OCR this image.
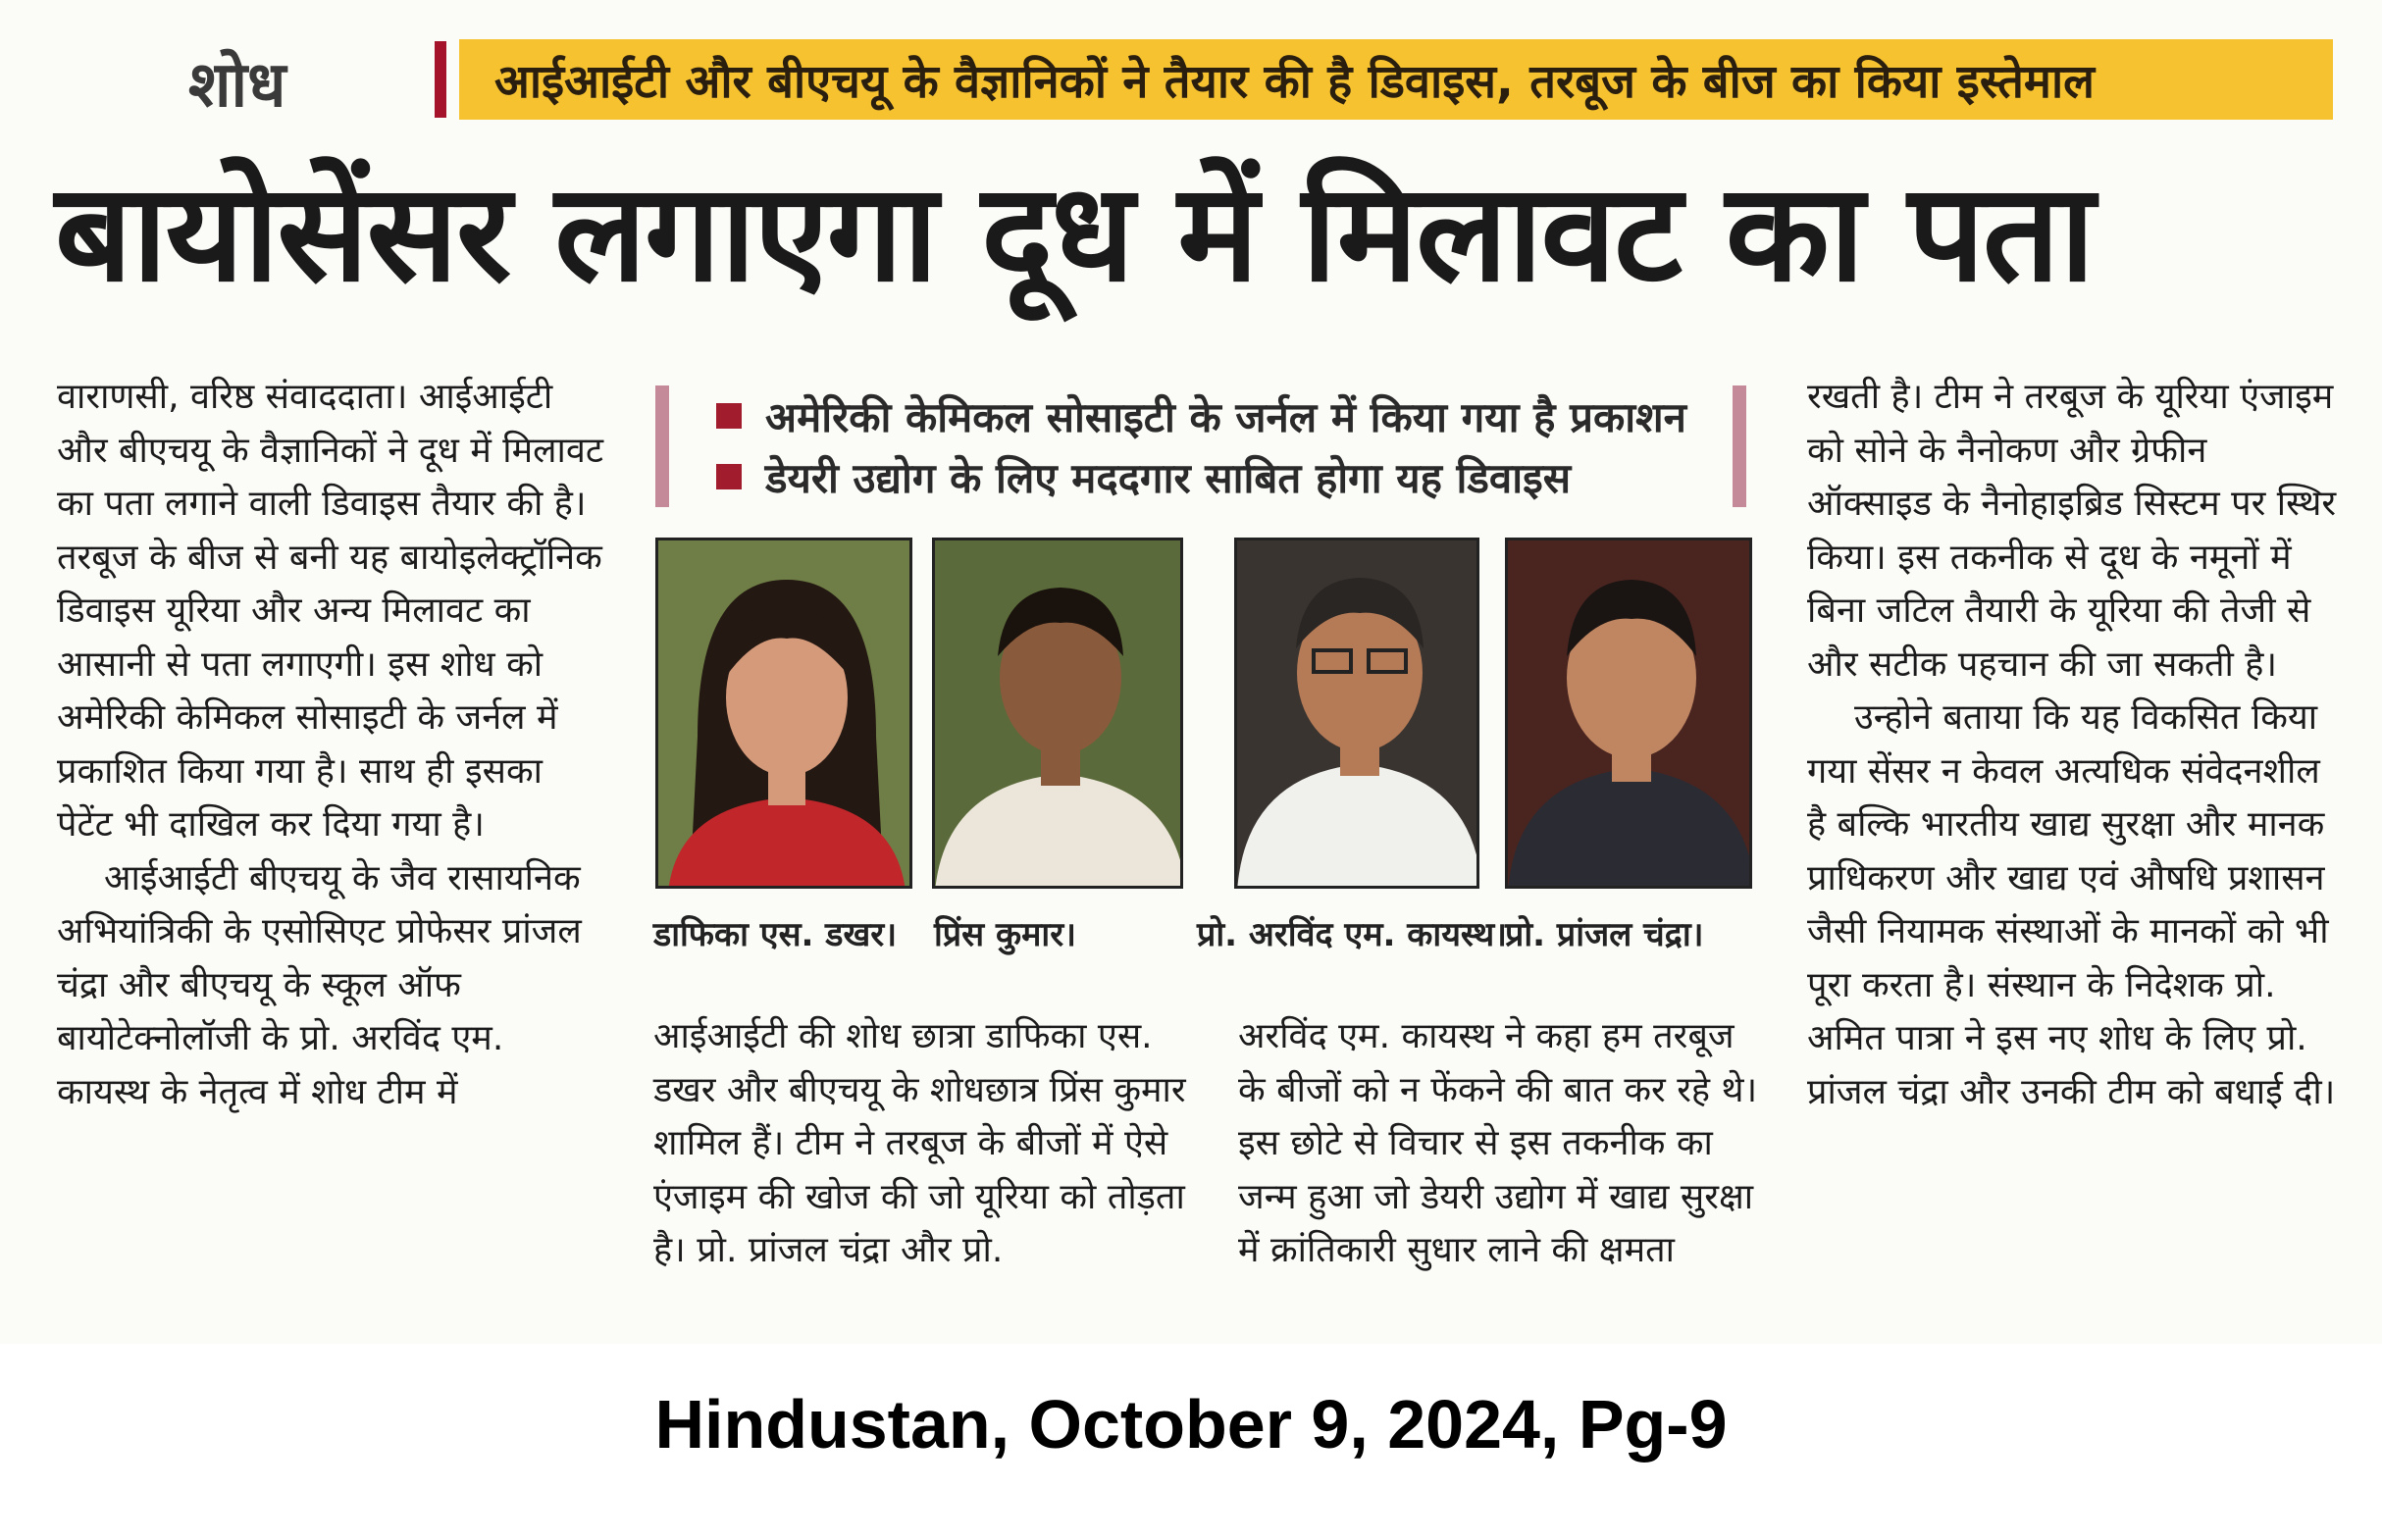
शोध	आईआईटी और बीएचयू के वैज्ञानिकों ने तैयार की है डिवाइस, तरबूज के बीज का किया इस्तेमाल
बायोसेंसर लगाएगा दूध में मिलावट का पता

वाराणसी, वरिष्ठ संवाददाता। आईआईटी और बीएचयू के वैज्ञानिकों ने दूध में मिलावट का पता लगाने वाली डिवाइस तैयार की है। तरबूज के बीज से बनी यह बायोइलेक्ट्रॉनिक डिवाइस यूरिया और अन्य मिलावट का आसानी से पता लगाएगी। इस शोध को अमेरिकी केमिकल सोसाइटी के जर्नल में प्रकाशित किया गया है। साथ ही इसका पेटेंट भी दाखिल कर दिया गया है।

आईआईटी बीएचयू के जैव रासायनिक अभियांत्रिकी के एसोसिएट प्रोफेसर प्रांजल चंद्रा और बीएचयू के स्कूल ऑफ बायोटेक्नोलॉजी के प्रो. अरविंद एम. कायस्थ के नेतृत्व में शोध टीम में

अमेरिकी केमिकल सोसाइटी के जर्नल में किया गया है प्रकाशन
डेयरी उद्योग के लिए मददगार साबित होगा यह डिवाइस
डाफिका एस. डखर। प्रिंस कुमार।	प्रो. अरविंद एम. कायस्थ।
प्रो. प्रांजल चंद्रा।

आईआईटी की शोध छात्रा डाफिका एस. डखर और बीएचयू के शोधछात्र प्रिंस कुमार शामिल हैं। टीम ने तरबूज के बीजों में ऐसे एंजाइम की खोज की जो यूरिया को तोड़ता है। प्रो. प्रांजल चंद्रा और प्रो.

अरविंद एम. कायस्थ ने कहा हम तरबूज के बीजों को न फेंकने की बात कर रहे थे। इस छोटे से विचार से इस तकनीक का जन्म हुआ जो डेयरी उद्योग में खाद्य सुरक्षा में क्रांतिकारी सुधार लाने की क्षमता

रखती है। टीम ने तरबूज के यूरिया एंजाइम को सोने के नैनोकण और ग्रेफीन ऑक्साइड के नैनोहाइब्रिड सिस्टम पर स्थिर किया। इस तकनीक से दूध के नमूनों में बिना जटिल तैयारी के यूरिया की तेजी से और सटीक पहचान की जा सकती है।

उन्होने बताया कि यह विकसित किया गया सेंसर न केवल अत्यधिक संवेदनशील है बल्कि भारतीय खाद्य सुरक्षा और मानक प्राधिकरण और खाद्य एवं औषधि प्रशासन जैसी नियामक संस्थाओं के मानकों को भी पूरा करता है। संस्थान के निदेशक प्रो. अमित पात्रा ने इस नए शोध के लिए प्रो. प्रांजल चंद्रा और उनकी टीम को बधाई दी।

Hindustan, October 9, 2024, Pg-9
